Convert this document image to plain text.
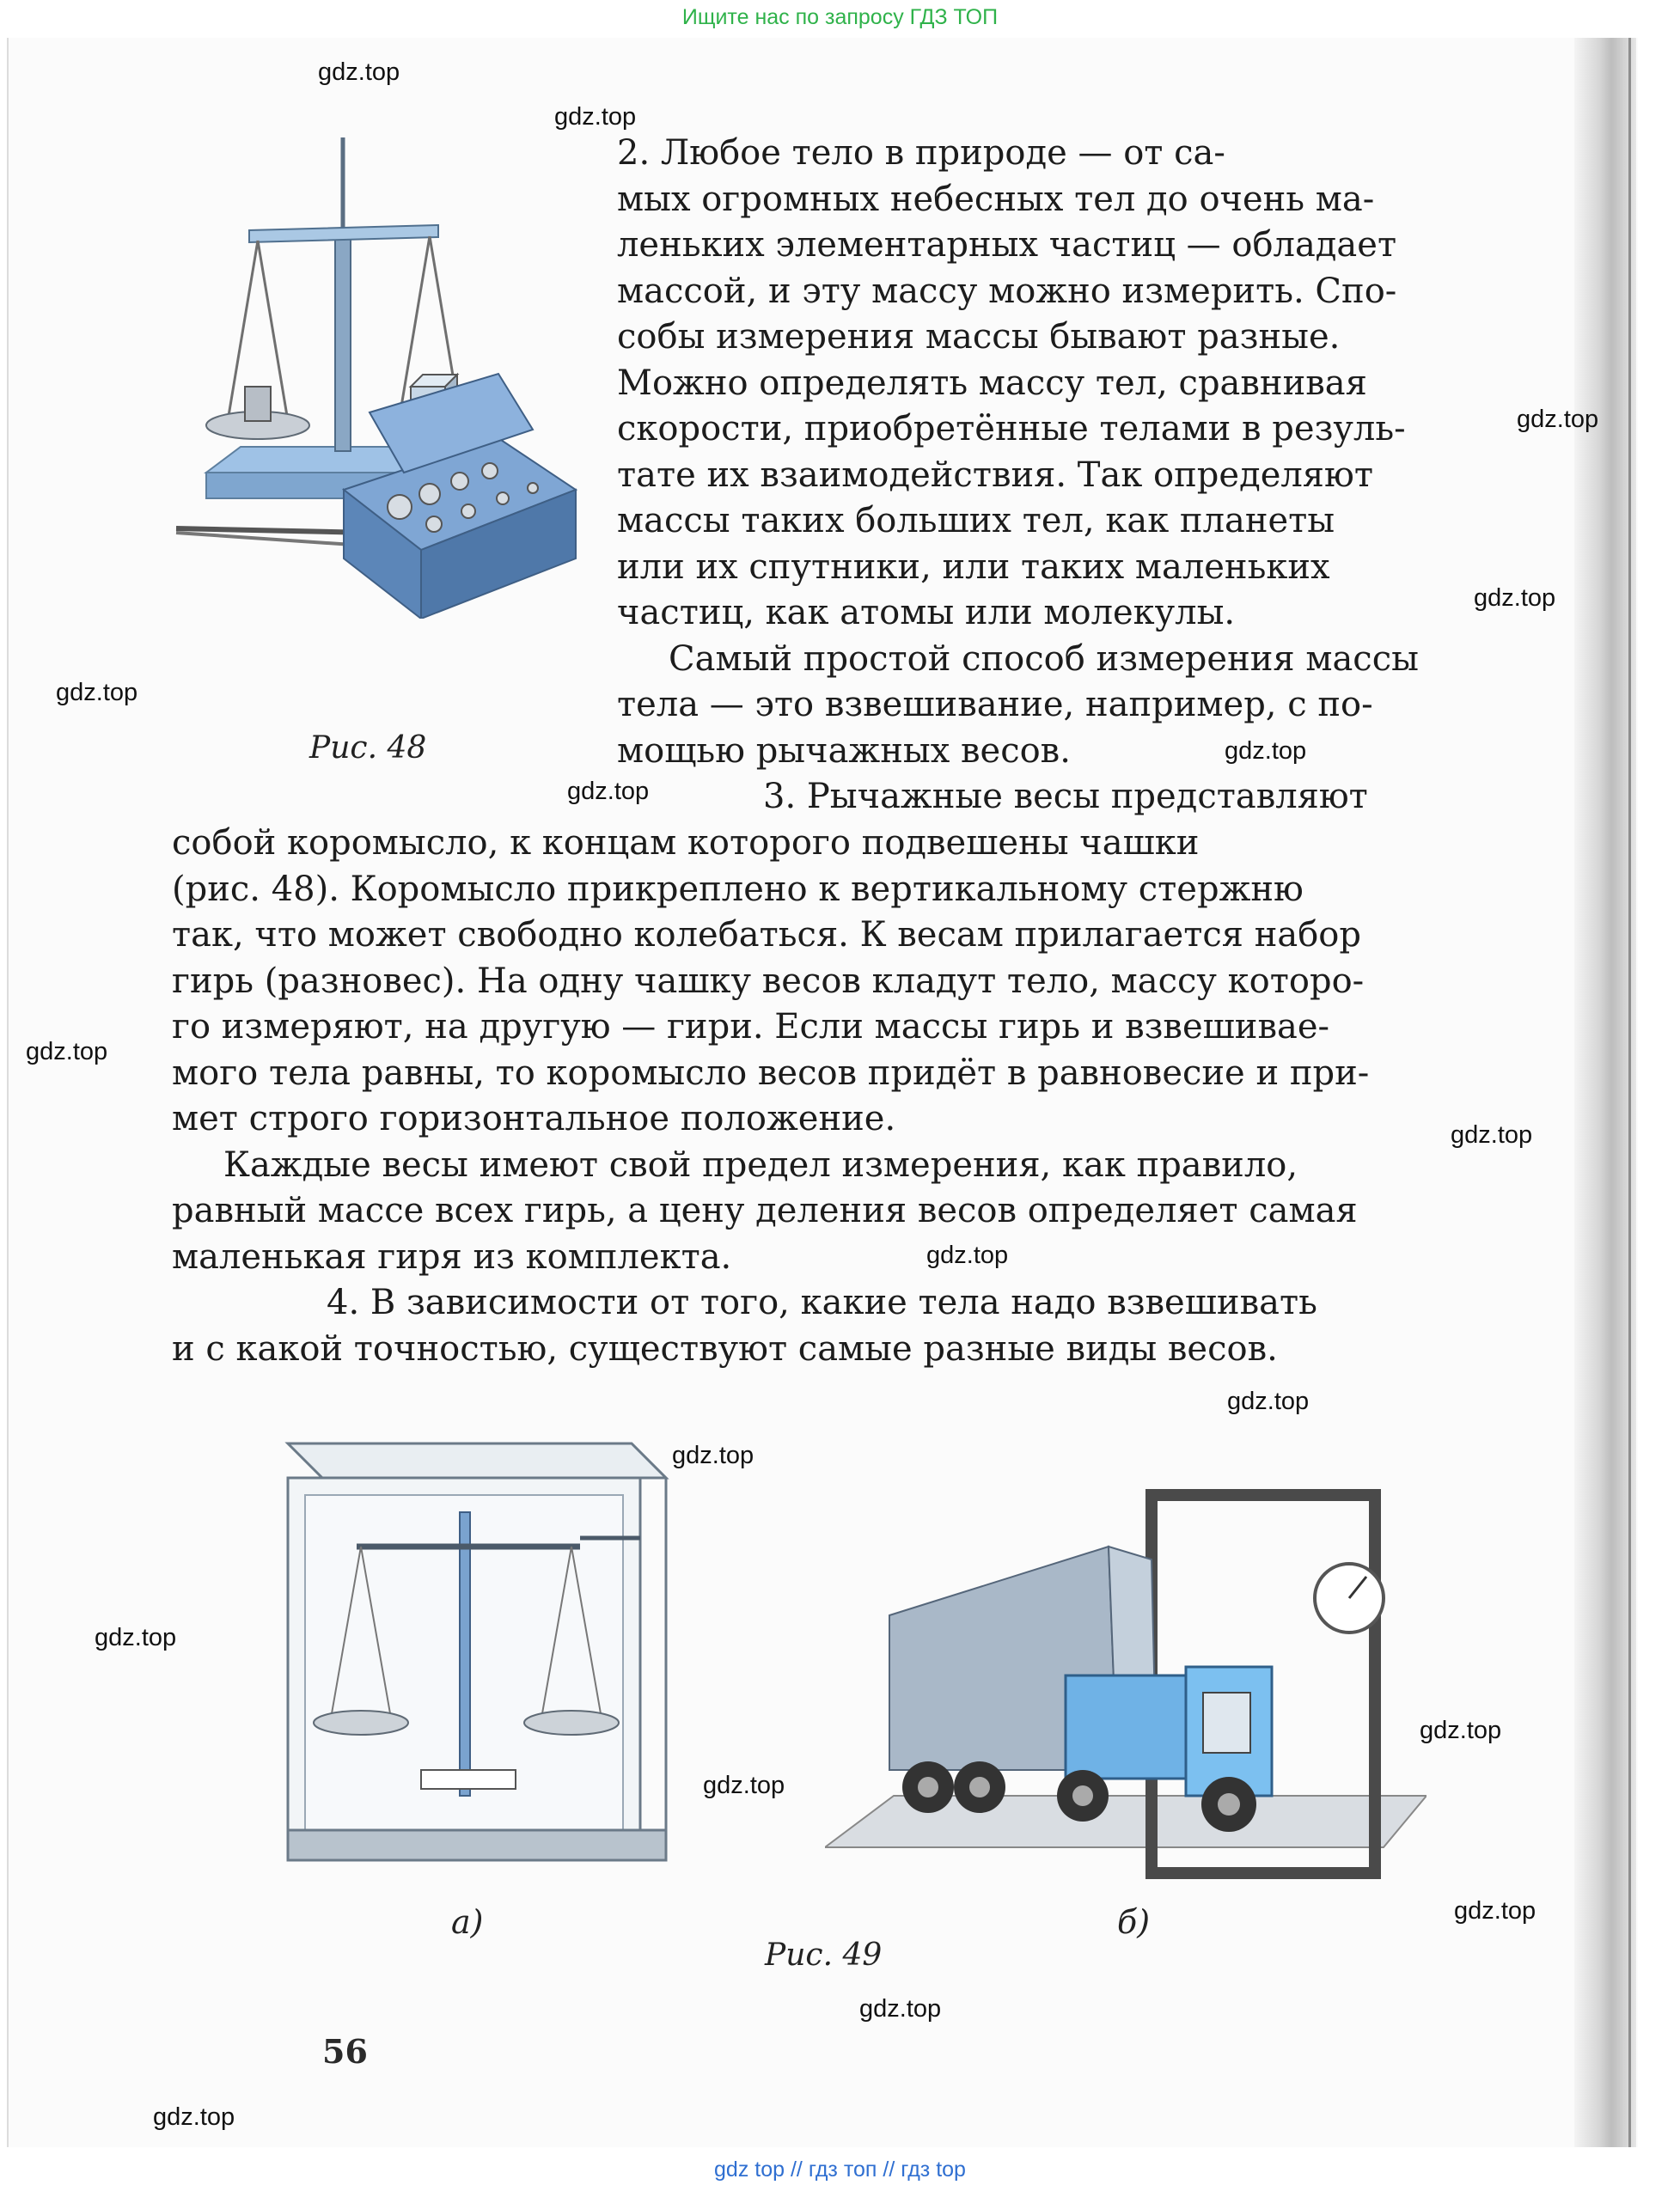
Ищите нас по запросу ГДЗ ТОП
Рис. 48
2. Любое тело в природе — от са-
мых огромных небесных тел до очень ма-
леньких элементарных частиц — обладает
массой, и эту массу можно измерить. Спо-
собы измерения массы бывают разные.
Можно определять массу тел, сравнивая
скорости, приобретённые телами в резуль-
тате их взаимодействия. Так определяют
массы таких больших тел, как планеты
или их спутники, или таких маленьких
частиц, как атомы или молекулы.
Самый простой способ измерения массы
тела — это взвешивание, например, с по-
мощью рычажных весов.
3. Рычажные весы представляют
собой коромысло, к концам которого подвешены чашки
(рис. 48). Коромысло прикреплено к вертикальному стержню
так, что может свободно колебаться. К весам прилагается набор
гирь (разновес). На одну чашку весов кладут тело, массу которо-
го измеряют, на другую — гири. Если массы гирь и взвешивае-
мого тела равны, то коромысло весов придёт в равновесие и при-
мет строго горизонтальное положение.
Каждые весы имеют свой предел измерения, как правило,
равный массе всех гирь, а цену деления весов определяет самая
маленькая гиря из комплекта.
4. В зависимости от того, какие тела надо взвешивать
и с какой точностью, существуют самые разные виды весов.
а)	б)
Рис. 49
56
gdz.top
gdz.top
gdz.top
gdz.top
gdz.top
gdz.top
gdz.top
gdz.top
gdz.top
gdz.top
gdz.top
gdz.top
gdz.top
gdz.top
gdz.top
gdz.top
gdz.top
gdz.top
gdz top // гдз топ // гдз top
